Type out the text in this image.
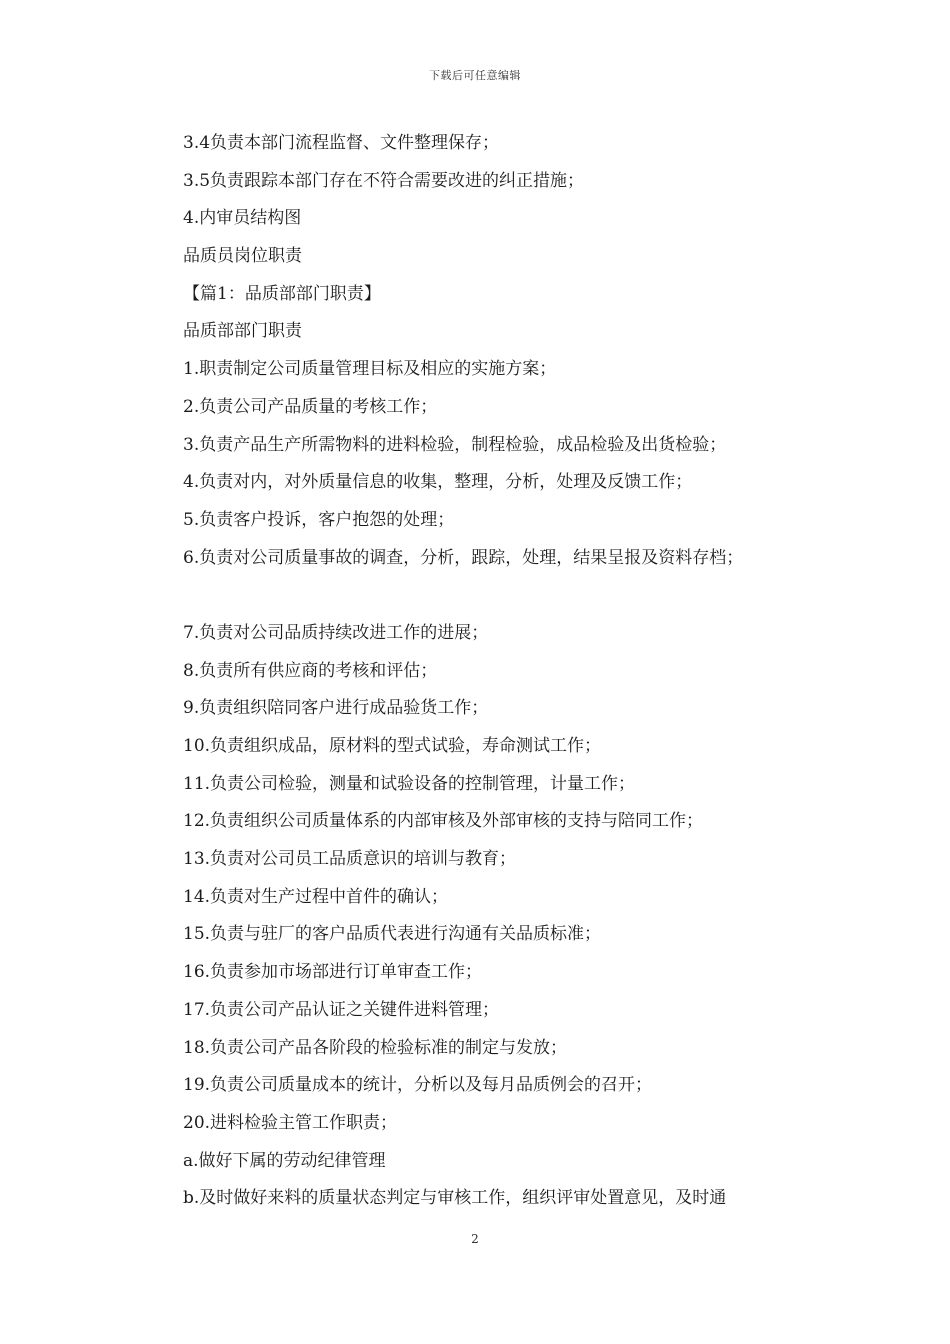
下载后可任意编辑
3.4负责本部门流程监督、文件整理保存；
3.5负责跟踪本部门存在不符合需要改进的纠正措施；
4.内审员结构图
品质员岗位职责
【篇1：品质部部门职责】
品质部部门职责
1.职责制定公司质量管理目标及相应的实施方案；
2.负责公司产品质量的考核工作；
3.负责产品生产所需物料的进料检验，制程检验，成品检验及出货检验；
4.负责对内，对外质量信息的收集，整理，分析，处理及反馈工作；
5.负责客户投诉，客户抱怨的处理；
6.负责对公司质量事故的调查，分析，跟踪，处理，结果呈报及资料存档；
7.负责对公司品质持续改进工作的进展；
8.负责所有供应商的考核和评估；
9.负责组织陪同客户进行成品验货工作；
10.负责组织成品，原材料的型式试验，寿命测试工作；
11.负责公司检验，测量和试验设备的控制管理，计量工作；
12.负责组织公司质量体系的内部审核及外部审核的支持与陪同工作；
13.负责对公司员工品质意识的培训与教育；
14.负责对生产过程中首件的确认；
15.负责与驻厂的客户品质代表进行沟通有关品质标准；
16.负责参加市场部进行订单审查工作；
17.负责公司产品认证之关键件进料管理；
18.负责公司产品各阶段的检验标准的制定与发放；
19.负责公司质量成本的统计，分析以及每月品质例会的召开；
20.进料检验主管工作职责；
a.做好下属的劳动纪律管理
b.及时做好来料的质量状态判定与审核工作，组织评审处置意见，及时通
2
